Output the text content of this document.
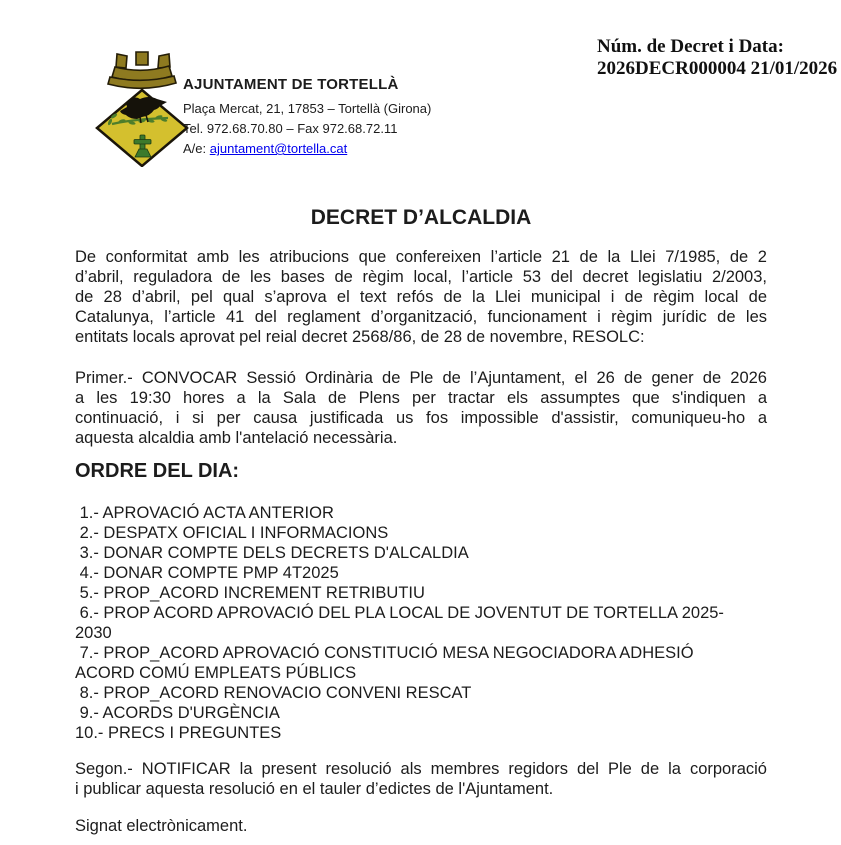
AJUNTAMENT DE TORTELLÀ
Plaça Mercat, 21, 17853 – Tortellà (Girona)
Tel. 972.68.70.80 – Fax 972.68.72.11
A/e: ajuntament@tortella.cat
Núm. de Decret i Data:
2026DECR000004 21/01/2026
DECRET D’ALCALDIA
De conformitat amb les atribucions que confereixen l’article 21 de la Llei 7/1985, de 2
d’abril, reguladora de les bases de règim local, l’article 53 del decret legislatiu 2/2003,
de 28 d’abril, pel qual s’aprova el text refós de la Llei municipal i de règim local de
Catalunya, l’article 41 del reglament d’organització, funcionament i règim jurídic de les
entitats locals aprovat pel reial decret 2568/86, de 28 de novembre, RESOLC:
Primer.- CONVOCAR Sessió Ordinària de Ple de l’Ajuntament, el 26 de gener de 2026
a les 19:30 hores a la Sala de Plens per tractar els assumptes que s'indiquen a
continuació, i si per causa justificada us fos impossible d'assistir, comuniqueu-ho a
aquesta alcaldia amb l'antelació necessària.
ORDRE DEL DIA:
1.- APROVACIÓ ACTA ANTERIOR
2.- DESPATX OFICIAL I INFORMACIONS
3.- DONAR COMPTE DELS DECRETS D'ALCALDIA
4.- DONAR COMPTE PMP 4T2025
5.- PROP_ACORD INCREMENT RETRIBUTIU
6.- PROP ACORD APROVACIÓ DEL PLA LOCAL DE JOVENTUT DE TORTELLA 2025-
2030
7.- PROP_ACORD APROVACIÓ CONSTITUCIÓ MESA NEGOCIADORA ADHESIÓ
ACORD COMÚ EMPLEATS PÚBLICS
8.- PROP_ACORD RENOVACIO CONVENI RESCAT
9.- ACORDS D'URGÈNCIA
10.- PRECS I PREGUNTES
Segon.- NOTIFICAR la present resolució als membres regidors del Ple de la corporació
i publicar aquesta resolució en el tauler d’edictes de l'Ajuntament.
Signat electrònicament.
